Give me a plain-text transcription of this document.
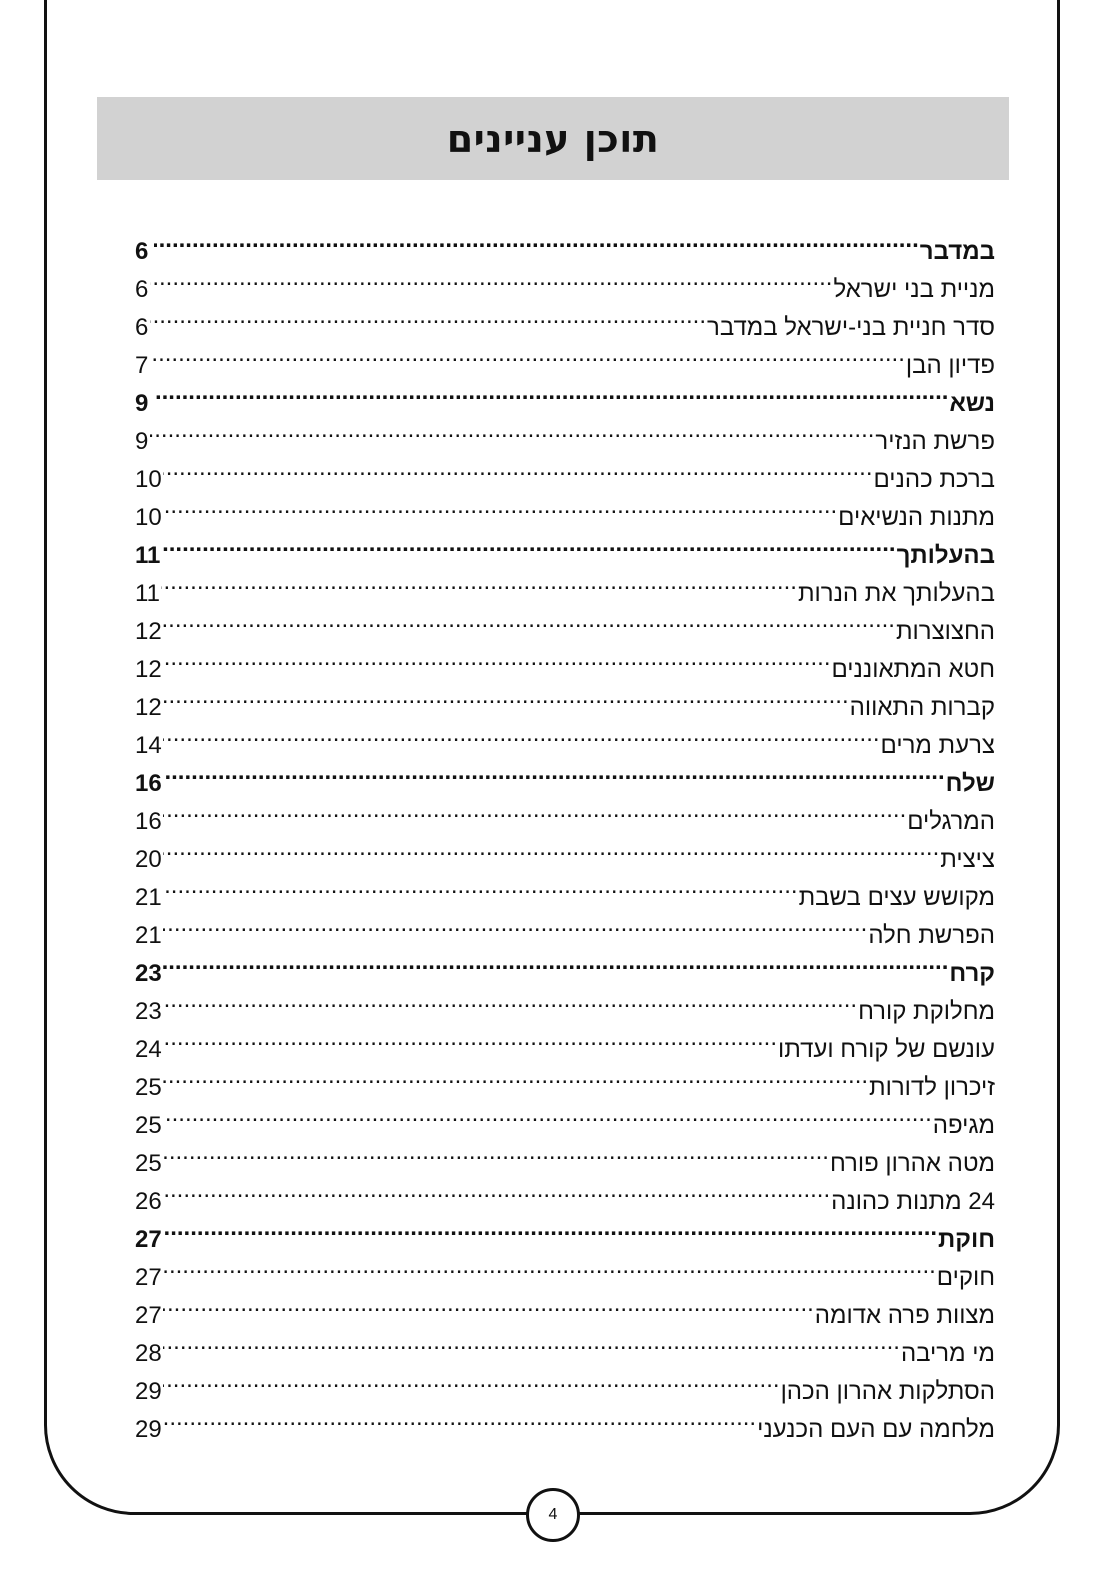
תוכן עניינים
במדבר
.....
6
מניית בני ישראל
.....
6
סדר חניית בני-ישראל במדבר
.....
6
פדיון הבן
.....
7
נשא
.....
9
פרשת הנזיר
.....
9
ברכת כהנים
.....
10
מתנות הנשיאים
.....
10
בהעלותך
.....
11
בהעלותך את הנרות
.....
11
החצוצרות
.....
12
חטא המתאוננים
.....
12
קברות התאווה
.....
12
צרעת מרים
.....
14
שלח
.....
16
המרגלים
.....
16
ציצית
.....
20
מקושש עצים בשבת
.....
21
הפרשת חלה
.....
21
קרח
.....
23
מחלוקת קורח
.....
23
עונשם של קורח ועדתו
.....
24
זיכרון לדורות
.....
25
מגיפה
.....
25
מטה אהרון פורח
.....
25
24 מתנות כהונה
.....
26
חוקת
.....
27
חוקים
.....
27
מצוות פרה אדומה
.....
27
מי מריבה
.....
28
הסתלקות אהרון הכהן
.....
29
מלחמה עם העם הכנעני
.....
29
4
